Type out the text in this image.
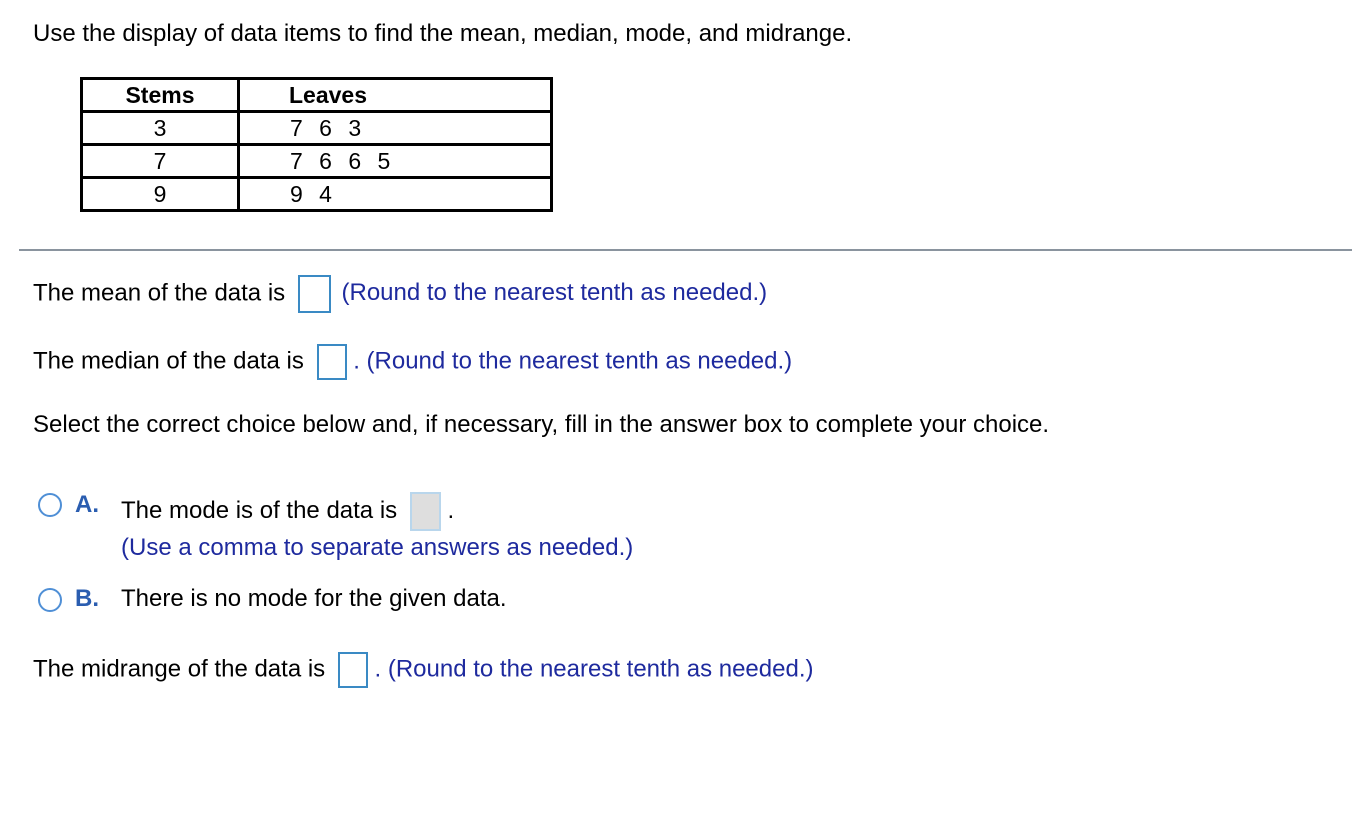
Use the display of data items to find the mean, median, mode, and midrange.
Stems	Leaves
3	7 6 3
7	7 6 6 5
9	9 4
The mean of the data is (Round to the nearest tenth as needed.)
The median of the data is . (Round to the nearest tenth as needed.)
Select the correct choice below and, if necessary, fill in the answer box to complete your choice.
A. The mode is of the data is .
(Use a comma to separate answers as needed.)
B. There is no mode for the given data.
The midrange of the data is . (Round to the nearest tenth as needed.)
